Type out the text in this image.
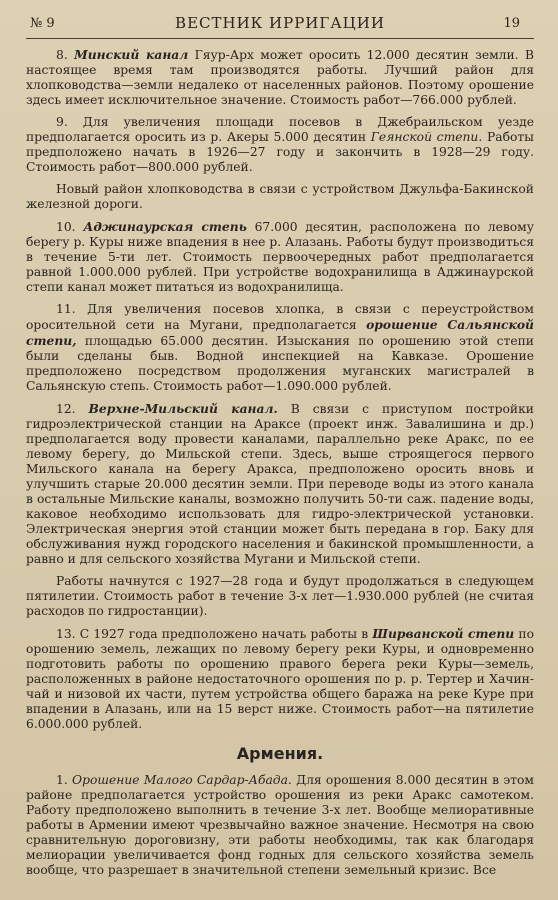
№ 9	ВЕСТНИК ИРРИГАЦИИ	19

8. Минский канал Гяур-Арх может оросить 12.000 десятин земли. В настоящее время там производятся работы. Лучший район для хлопководства—земли недалеко от населенных районов. Поэтому орошение здесь имеет исключительное значение. Стоимость работ—766.000 рублей.

9. Для увеличения площади посевов в Джебраильском уезде предполагается оросить из р. Акеры 5.000 десятин Геянской степи. Работы предположено начать в 1926—27 году и закончить в 1928—29 году. Стоимость работ—800.000 рублей.

Новый район хлопководства в связи с устройством Джульфа-Бакинской железной дороги.

10. Аджинаурская степь 67.000 десятин, расположена по левому берегу р. Куры ниже впадения в нее р. Алазань. Работы будут производиться в течение 5-ти лет. Стоимость первоочередных работ предполагается равной 1.000.000 рублей. При устройстве водохранилища в Аджинаурской степи канал может питаться из водохранилища.

11. Для увеличения посевов хлопка, в связи с переустройством оросительной сети на Мугани, предполагается орошение Сальянской степи, площадью 65.000 десятин. Изыскания по орошению этой степи были сделаны быв. Водной инспекцией на Кавказе. Орошение предположено посредством продолжения муганских магистралей в Сальянскую степь. Стоимость работ—1.090.000 рублей.

12. Верхне-Мильский канал. В связи с приступом постройки гидроэлектрической станции на Араксе (проект инж. Завалишина и др.) предполагается воду провести каналами, параллельно реке Аракс, по ее левому берегу, до Мильской степи. Здесь, выше строящегося первого Мильского канала на берегу Аракса, предположено оросить вновь и улучшить старые 20.000 десятин земли. При переводе воды из этого канала в остальные Мильские каналы, возможно получить 50-ти саж. падение воды, каковое необходимо использовать для гидро-электрической установки. Электрическая энергия этой станции может быть передана в гор. Баку для обслуживания нужд городского населения и бакинской промышленности, а равно и для сельского хозяйства Мугани и Мильской степи.

Работы начнутся с 1927—28 года и будут продолжаться в следующем пятилетии. Стоимость работ в течение 3-х лет—1.930.000 рублей (не считая расходов по гидростанции).

13. С 1927 года предположено начать работы в Ширванской степи по орошению земель, лежащих по левому берегу реки Куры, и одновременно подготовить работы по орошению правого берега реки Куры—земель, расположенных в районе недостаточного орошения по р. р. Тертер и Хачин-чай и низовой их части, путем устройства общего баража на реке Куре при впадении в Алазань, или на 15 верст ниже. Стоимость работ—на пятилетие 6.000.000 рублей.

Армения.

1. Орошение Малого Сардар-Абада. Для орошения 8.000 десятин в этом районе предполагается устройство орошения из реки Аракс самотеком. Работу предположено выполнить в течение 3-х лет. Вообще мелиоративные работы в Армении имеют чрезвычайно важное значение. Несмотря на свою сравнительную дороговизну, эти работы необходимы, так как благодаря мелиорации увеличивается фонд годных для сельского хозяйства земель вообще, что разрешает в значительной степени земельный кризис. Все
